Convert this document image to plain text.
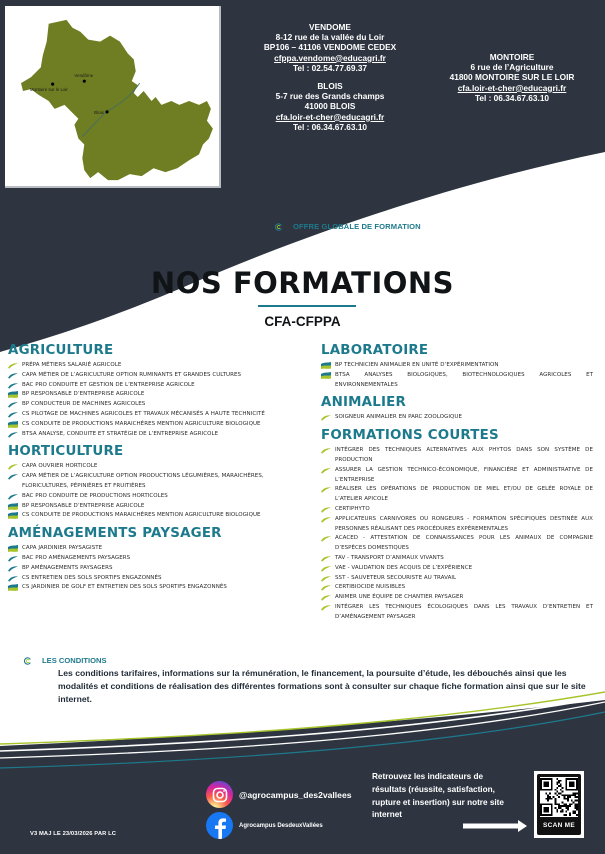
Vendôme
Montoire sur le Loir
Blois
VENDOME
8-12 rue de la vallée du Loir
BP106 – 41106 VENDOME CEDEX
cfppa.vendome@educagri.fr
Tel : 02.54.77.69.37
BLOIS
5-7 rue des Grands champs
41000 BLOIS
cfa.loir-et-cher@educagri.fr
Tel : 06.34.67.63.10
MONTOIRE
6 rue de l’Agriculture
41800 MONTOIRE SUR LE LOIR
cfa.loir-et-cher@educagri.fr
Tel : 06.34.67.63.10
OFFRE GLOBALE DE FORMATION
NOS FORMATIONS
CFA-CFPPA
AGRICULTURE
PRÉPA MÉTIERS SALARIÉ AGRICOLE
CAPA MÉTIER DE L’AGRICULTURE OPTION RUMINANTS ET GRANDES CULTURES
BAC PRO CONDUITE ET GESTION DE L’ENTREPRISE AGRICOLE
BP RESPONSABLE D’ENTREPRISE AGRICOLE
BP CONDUCTEUR DE MACHINES AGRICOLES
CS PILOTAGE DE MACHINES AGRICOLES ET TRAVAUX MÉCANISÉS A HAUTE TECHNICITÉ
CS CONDUITE DE PRODUCTIONS MARAICHÈRES MENTION AGRICULTURE BIOLOGIQUE
BTSA ANALYSE, CONDUITE ET STRATÉGIE DE L’ENTREPRISE AGRICOLE
HORTICULTURE
CAPA OUVRIER HORTICOLE
CAPA MÉTIER DE L’AGRICULTURE OPTION PRODUCTIONS LÉGUMIÈRES, MARAICHÈRES, FLORICULTURES, PÉPINIÈRES ET FRUITIÈRES
BAC PRO CONDUITE DE PRODUCTIONS HORTICOLES
BP RESPONSABLE D’ENTREPRISE AGRICOLE
CS CONDUITE DE PRODUCTIONS MARAICHÈRES MENTION AGRICULTURE BIOLOGIQUE
AMÉNAGEMENTS PAYSAGER
CAPA JARDINIER PAYSAGISTE
BAC PRO AMÉNAGEMENTS PAYSAGERS
BP AMÉNAGEMENTS PAYSAGERS
CS ENTRETIEN DES SOLS SPORTIFS ENGAZONNÉS
CS JARDINIER DE GOLF ET ENTRETIEN DES SOLS SPORTIFS ENGAZONNÉS
LABORATOIRE
BP TECHNICIEN ANIMALIER EN UNITÉ D’EXPÉRIMENTATION
BTSA ANALYSES BIOLOGIQUES, BIOTECHNOLOGIQUES AGRICOLES ET ENVIRONNEMENTALES
ANIMALIER
SOIGNEUR ANIMALIER EN PARC ZOOLOGIQUE
FORMATIONS COURTES
INTÉGRER DES TECHNIQUES ALTERNATIVES AUX PHYTOS DANS SON SYSTÈME DE PRODUCTION
ASSURER LA GESTION TECHNICO-ÉCONOMIQUE, FINANCIÈRE ET ADMINISTRATIVE DE L’ENTREPRISE
RÉALISER LES OPÉRATIONS DE PRODUCTION DE MIEL ET/OU DE GELÉE ROYALE DE L’ATELIER APICOLE
CERTIPHYTO
APPLICATEURS CARNIVORES OU RONGEURS - FORMATION SPÉCIFIQUES DESTINÉE AUX PERSONNES RÉALISANT DES PROCÉDURES EXPÉREMENTALES
ACACED - ATTESTATION DE CONNAISSANCES POUR LES ANIMAUX DE COMPAGNIE D’ESPÈCES DOMESTIQUES
TAV - TRANSPORT D’ANIMAUX VIVANTS
VAE - VALIDATION DES ACQUIS DE L’EXPÉRIENCE
SST - SAUVETEUR SECOURISTE AU TRAVAIL
CERTIBIOCIDE NUISIBLES
ANIMER UNE ÉQUIPE DE CHANTIER PAYSAGER
INTÉGRER LES TECHNIQUES ÉCOLOGIQUES DANS LES TRAVAUX D’ENTRETIEN ET D’AMÉNAGEMENT PAYSAGER
LES CONDITIONS
Les conditions tarifaires, informations sur la rémunération, le financement, la poursuite d’étude, les débouchés ainsi que les modalités et conditions de réalisation des différentes formations sont à consulter sur chaque fiche formation ainsi que sur le site internet.
V3 MAJ LE 23/03/2026 PAR LC
@agrocampus_des2vallees
Agrocampus DesdeuxVallées
Retrouvez les indicateurs de résultats (réussite, satisfaction, rupture et insertion) sur notre site internet
SCAN ME
